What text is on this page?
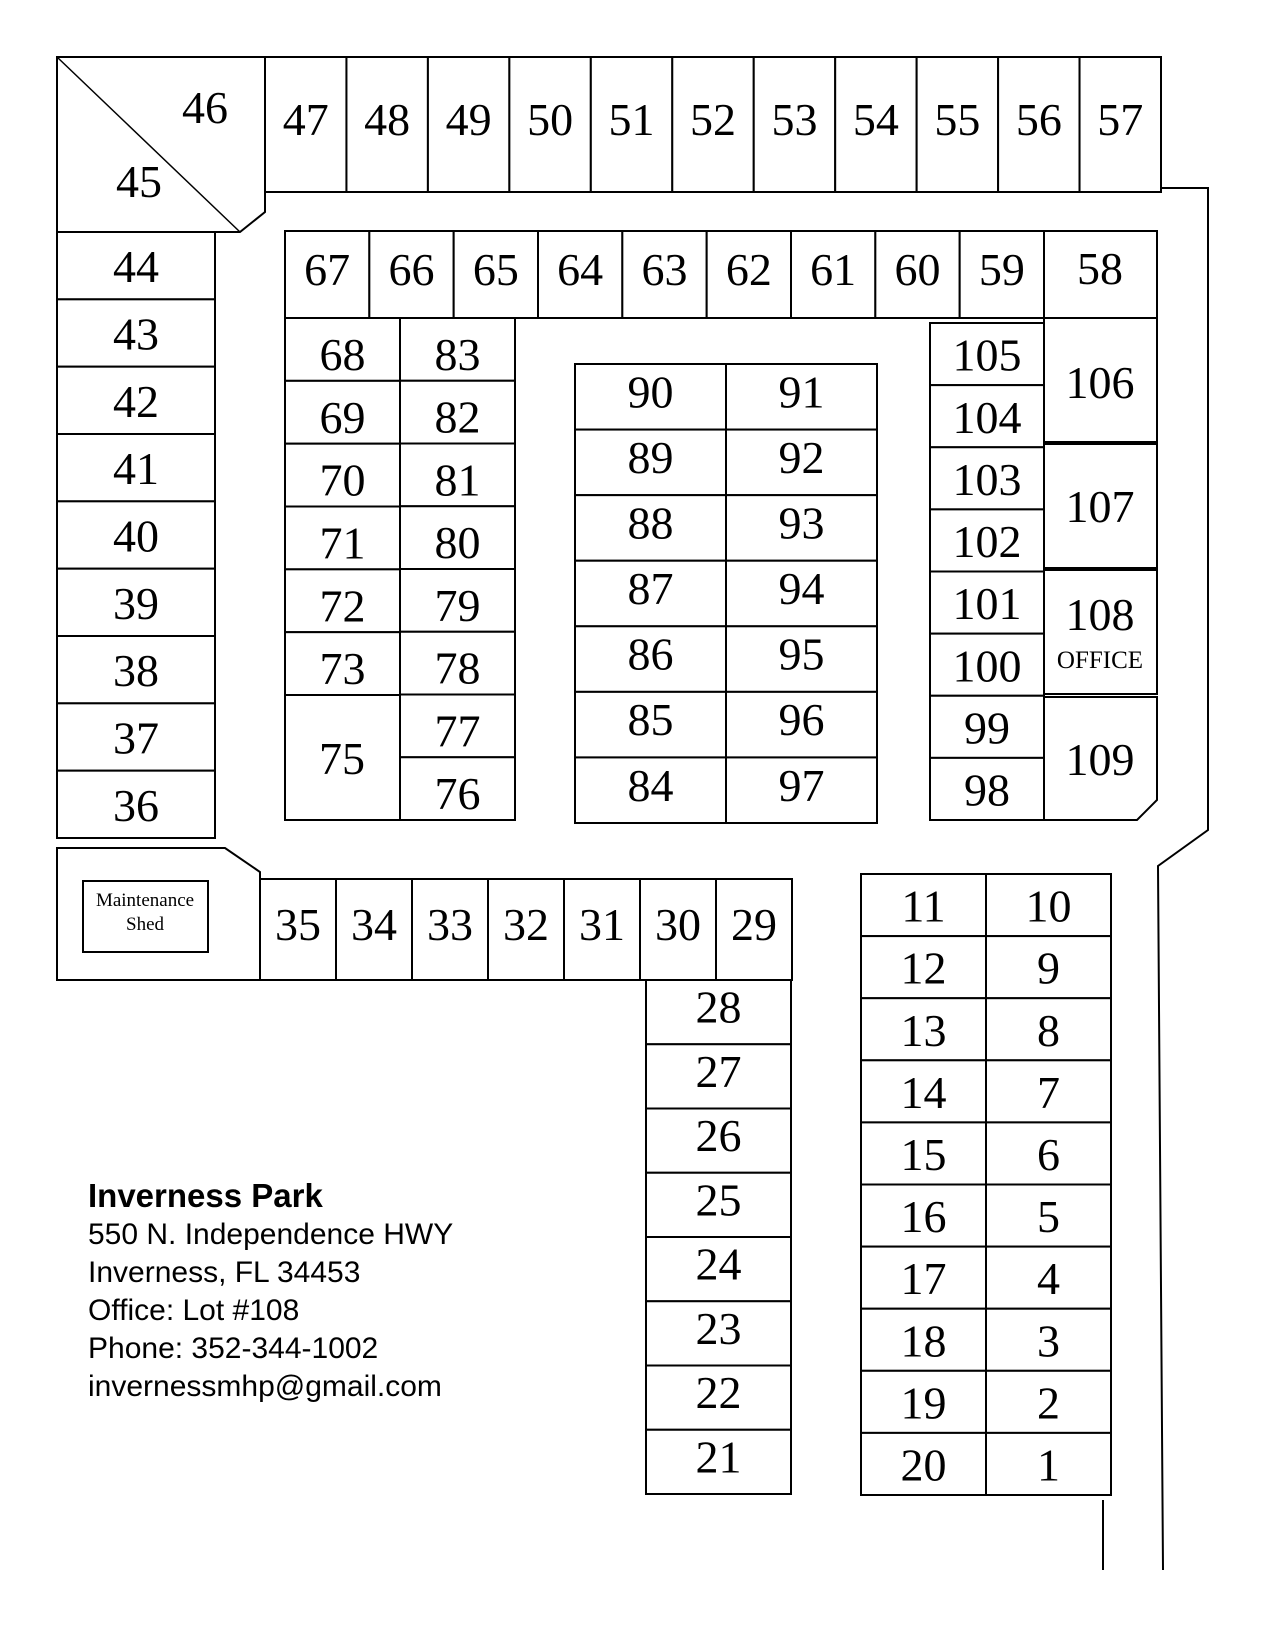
46
45
47 48 49 50 51 52 53 54 55 56 57
44
43
42
41
40
39
38
37
36
67 66 65 64 63 62 61 60 59 58
68
69
70
71
72
73
83
82
81
80
79
78
77
76
75
90
89
88
87
86
85
84
91
92
93
94
95
96
97
105
104
103
102
101
100
99
98
106
107
108
OFFICE
109
Maintenance
Shed 35 34 33 32 31 30 29
28
27
26
25
24
23
22
21
11
12
13
14
15
16
17
18
19
20
10
9
8
7
6
5
4
3
2
1
Inverness Park
550 N. Independence HWY
Inverness, FL 34453
Office: Lot #108
Phone: 352-344-1002
invernessmhp@gmail.com
